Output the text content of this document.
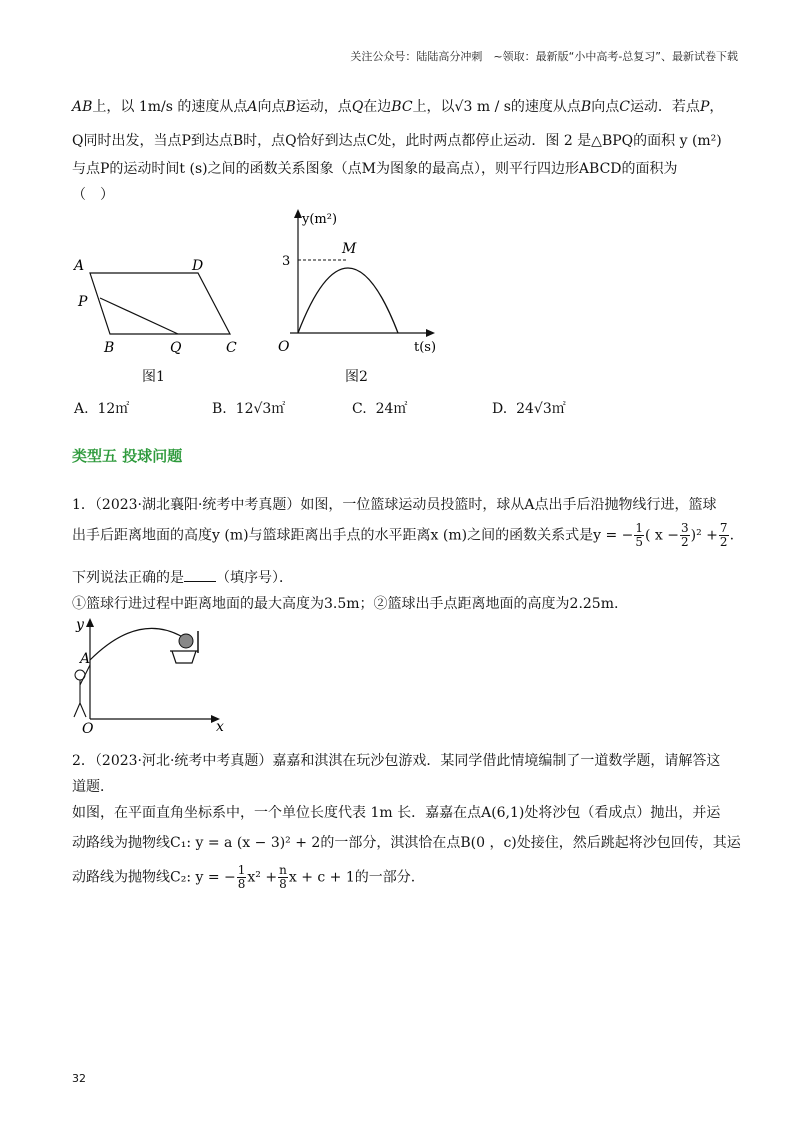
关注公众号：陆陆高分冲刺　~领取：最新版“小中高考-总复习”、最新试卷下载
AB上，以 1m/s 的速度从点A向点B运动，点Q在边BC上，以√3 m / s的速度从点B向点C运动．若点P，
Q同时出发，当点P到达点B时，点Q恰好到达点C处，此时两点都停止运动．图 2 是△BPQ的面积 y (m²)
与点P的运动时间t (s)之间的函数关系图象（点M为图象的最高点），则平行四边形ABCD的面积为
（　）
A	D
P
B	Q	C
图1
y(m²)
M
3
O	t(s)
图2
A. 12㎡	B. 12√3㎡	C. 24㎡	D. 24√3㎡
类型五 投球问题
1．（2023·湖北襄阳·统考中考真题）如图，一位篮球运动员投篮时，球从A点出手后沿抛物线行进，篮球
出手后距离地面的高度y (m)与篮球距离出手点的水平距离x (m)之间的函数关系式是y = − $\frac{1}{5}$ ( $x - \frac{3}{2} )^2 + \frac{7}{2}$ .
下列说法正确的是 （填序号）．
①篮球行进过程中距离地面的最大高度为3.5m；②篮球出手点距离地面的高度为2.25m.
y
A
O	x
2．（2023·河北·统考中考真题）嘉嘉和淇淇在玩沙包游戏．某同学借此情境编制了一道数学题，请解答这
道题．
如图，在平面直角坐标系中，一个单位长度代表 1m 长．嘉嘉在点A(6,1)处将沙包（看成点）抛出，并运
动路线为抛物线C₁: y = a (x − 3)² + 2的一部分，淇淇恰在点B(0 ，c)处接住，然后跳起将沙包回传，其运
动路线为抛物线C₂: y = − $\frac{1}{8} x^2 + \frac{n}{8}$ x + c + 1的一部分.
32
